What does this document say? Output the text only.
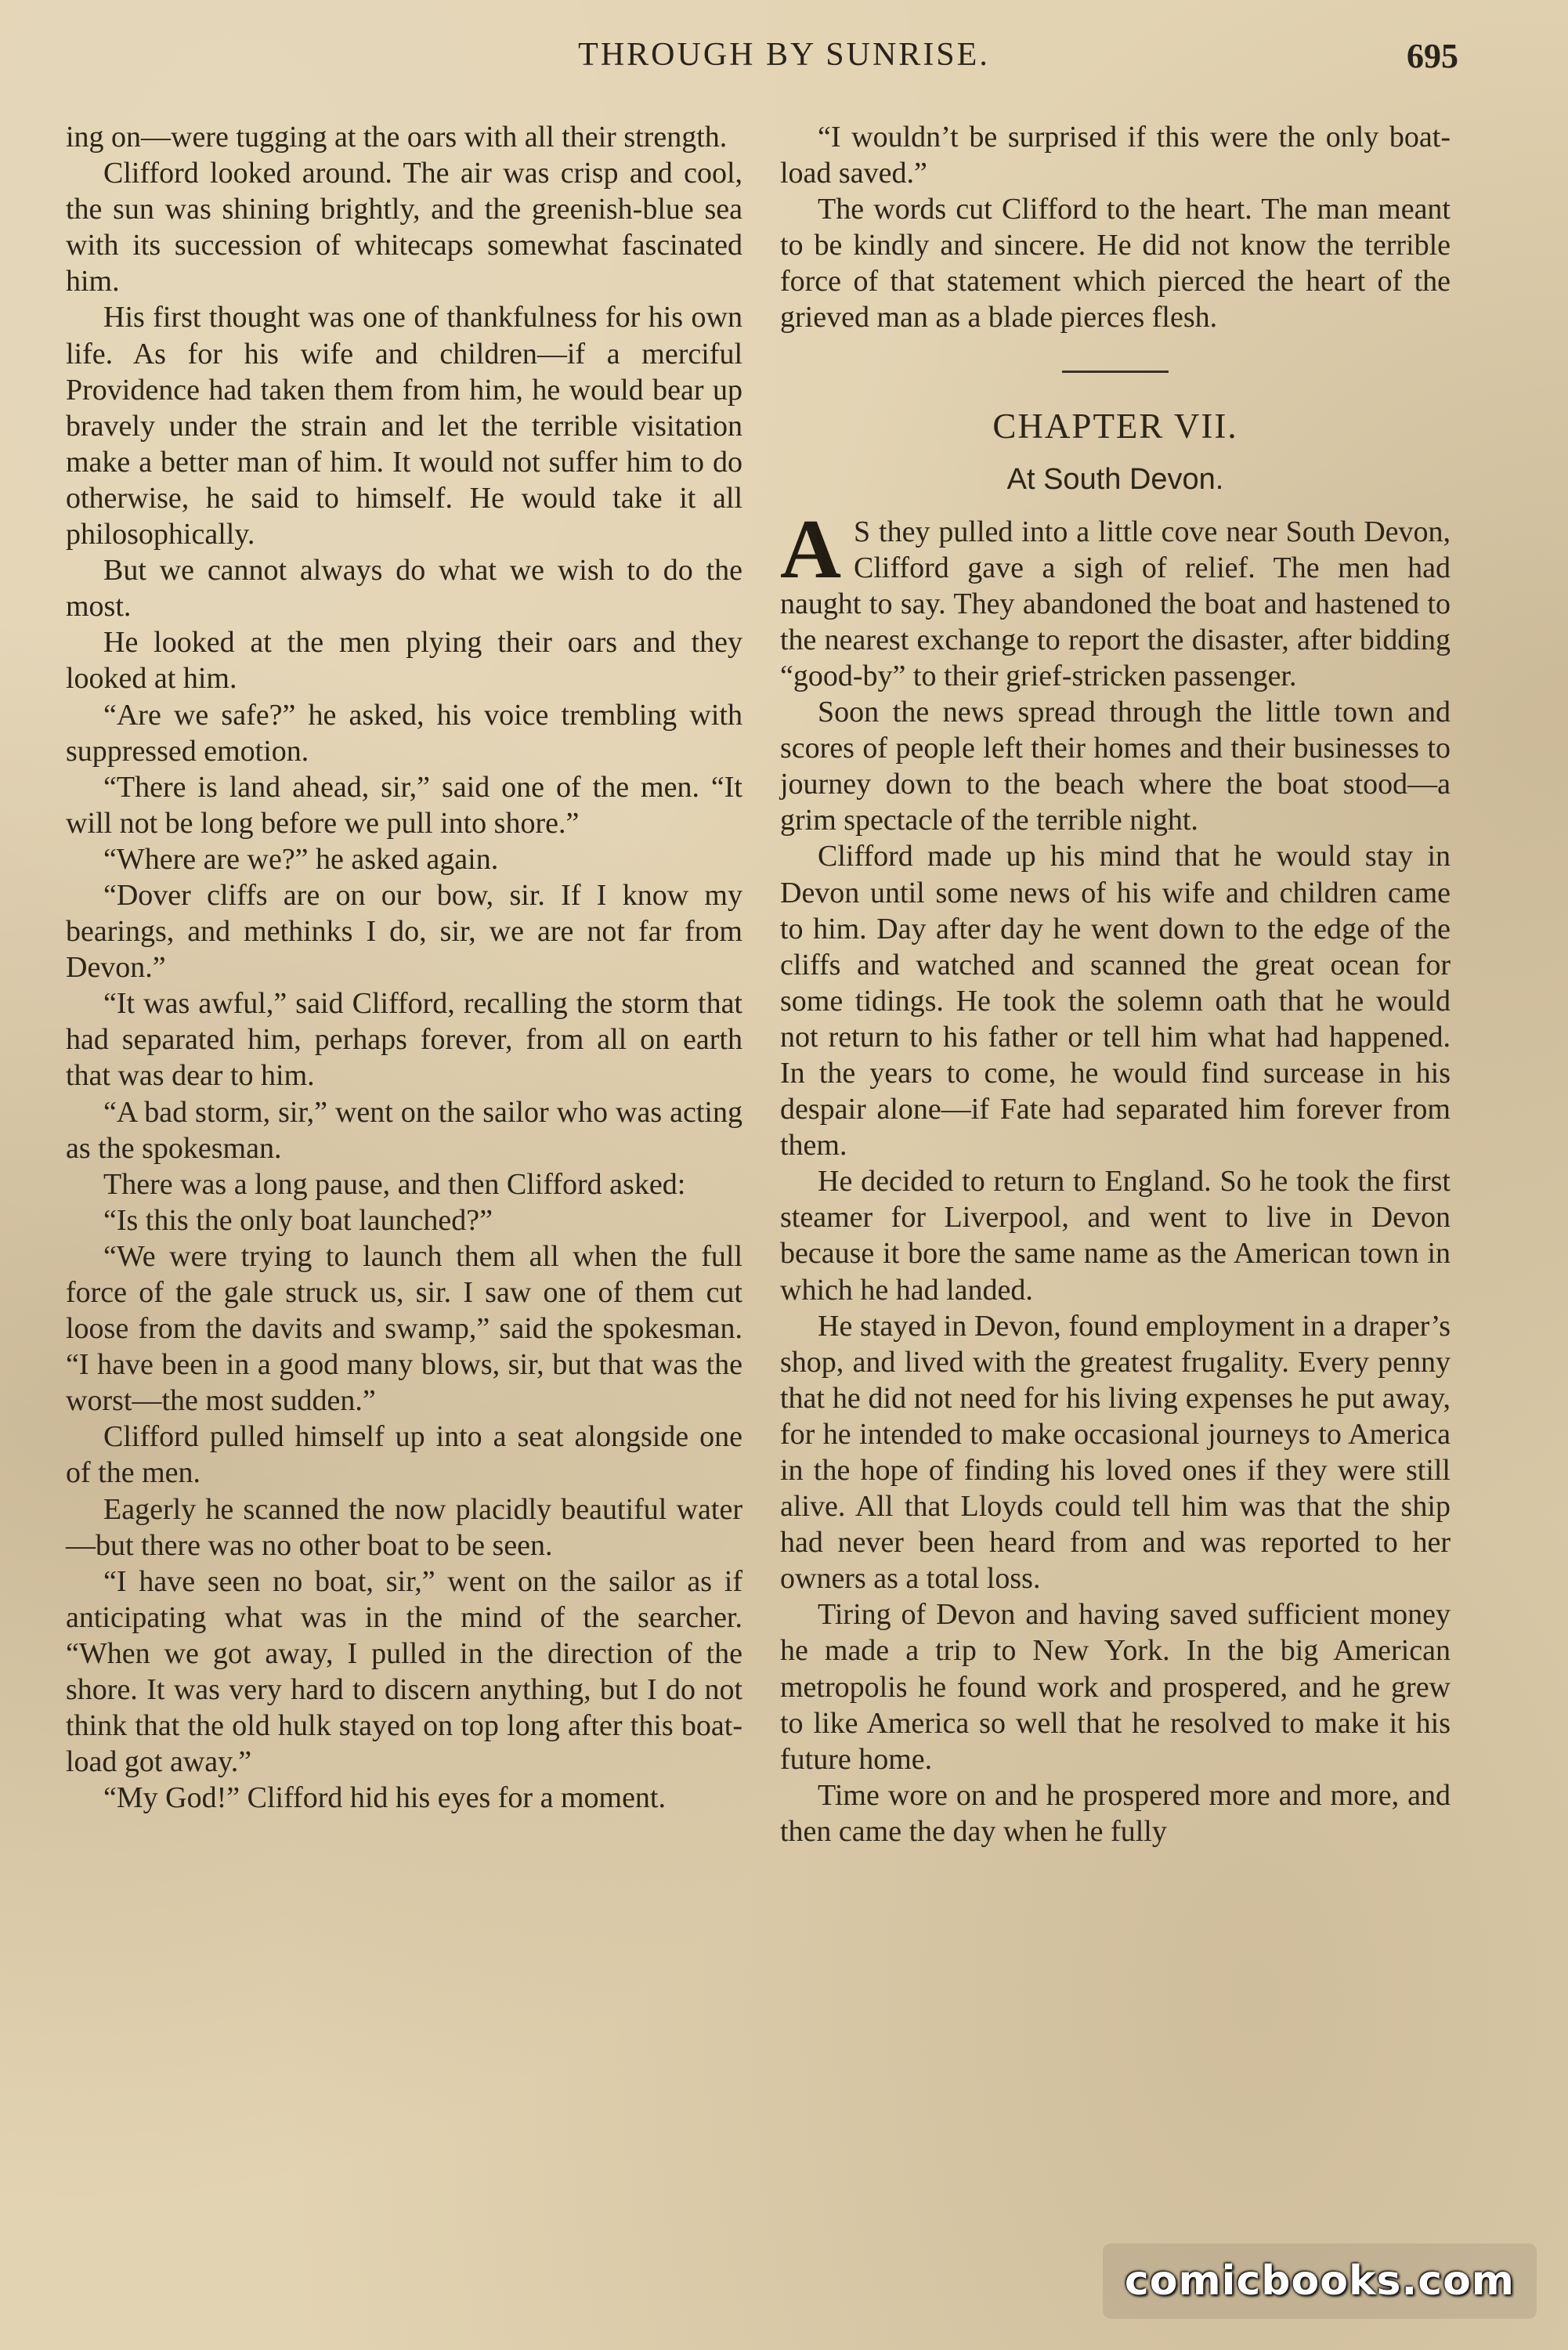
THROUGH BY SUNRISE.	695

ing on—were tugging at the oars with all their strength.

Clifford looked around. The air was crisp and cool, the sun was shining brightly, and the greenish-blue sea with its succession of whitecaps somewhat fascinated him.

His first thought was one of thankfulness for his own life. As for his wife and children—if a merciful Providence had taken them from him, he would bear up bravely under the strain and let the terrible visitation make a better man of him. It would not suffer him to do otherwise, he said to himself. He would take it all philosophically.

But we cannot always do what we wish to do the most.

He looked at the men plying their oars and they looked at him.

“Are we safe?” he asked, his voice trembling with suppressed emotion.

“There is land ahead, sir,” said one of the men. “It will not be long before we pull into shore.”

“Where are we?” he asked again.

“Dover cliffs are on our bow, sir. If I know my bearings, and methinks I do, sir, we are not far from Devon.”

“It was awful,” said Clifford, recalling the storm that had separated him, perhaps forever, from all on earth that was dear to him.

“A bad storm, sir,” went on the sailor who was acting as the spokesman.

There was a long pause, and then Clifford asked:

“Is this the only boat launched?”

“We were trying to launch them all when the full force of the gale struck us, sir. I saw one of them cut loose from the davits and swamp,” said the spokesman. “I have been in a good many blows, sir, but that was the worst—the most sudden.”

Clifford pulled himself up into a seat alongside one of the men.

Eagerly he scanned the now placidly beautiful water—but there was no other boat to be seen.

“I have seen no boat, sir,” went on the sailor as if anticipating what was in the mind of the searcher. “When we got away, I pulled in the direction of the shore. It was very hard to discern anything, but I do not think that the old hulk stayed on top long after this boat-load got away.”

“My God!” Clifford hid his eyes for a moment.

“I wouldn’t be surprised if this were the only boat-load saved.”

The words cut Clifford to the heart. The man meant to be kindly and sincere. He did not know the terrible force of that statement which pierced the heart of the grieved man as a blade pierces flesh.

CHAPTER VII.

At South Devon.

A S they pulled into a little cove near South Devon, Clifford gave a sigh of relief. The men had naught to say. They abandoned the boat and hastened to the nearest exchange to report the disaster, after bidding “good-by” to their grief-stricken passenger.

Soon the news spread through the little town and scores of people left their homes and their businesses to journey down to the beach where the boat stood—a grim spectacle of the terrible night.

Clifford made up his mind that he would stay in Devon until some news of his wife and children came to him. Day after day he went down to the edge of the cliffs and watched and scanned the great ocean for some tidings. He took the solemn oath that he would not return to his father or tell him what had happened. In the years to come, he would find surcease in his despair alone—if Fate had separated him forever from them.

He decided to return to England. So he took the first steamer for Liverpool, and went to live in Devon because it bore the same name as the American town in which he had landed.

He stayed in Devon, found employment in a draper’s shop, and lived with the greatest frugality. Every penny that he did not need for his living expenses he put away, for he intended to make occasional journeys to America in the hope of finding his loved ones if they were still alive. All that Lloyds could tell him was that the ship had never been heard from and was reported to her owners as a total loss.

Tiring of Devon and having saved sufficient money he made a trip to New York. In the big American metropolis he found work and prospered, and he grew to like America so well that he resolved to make it his future home.

Time wore on and he prospered more and more, and then came the day when he fully

comicbooks.com
